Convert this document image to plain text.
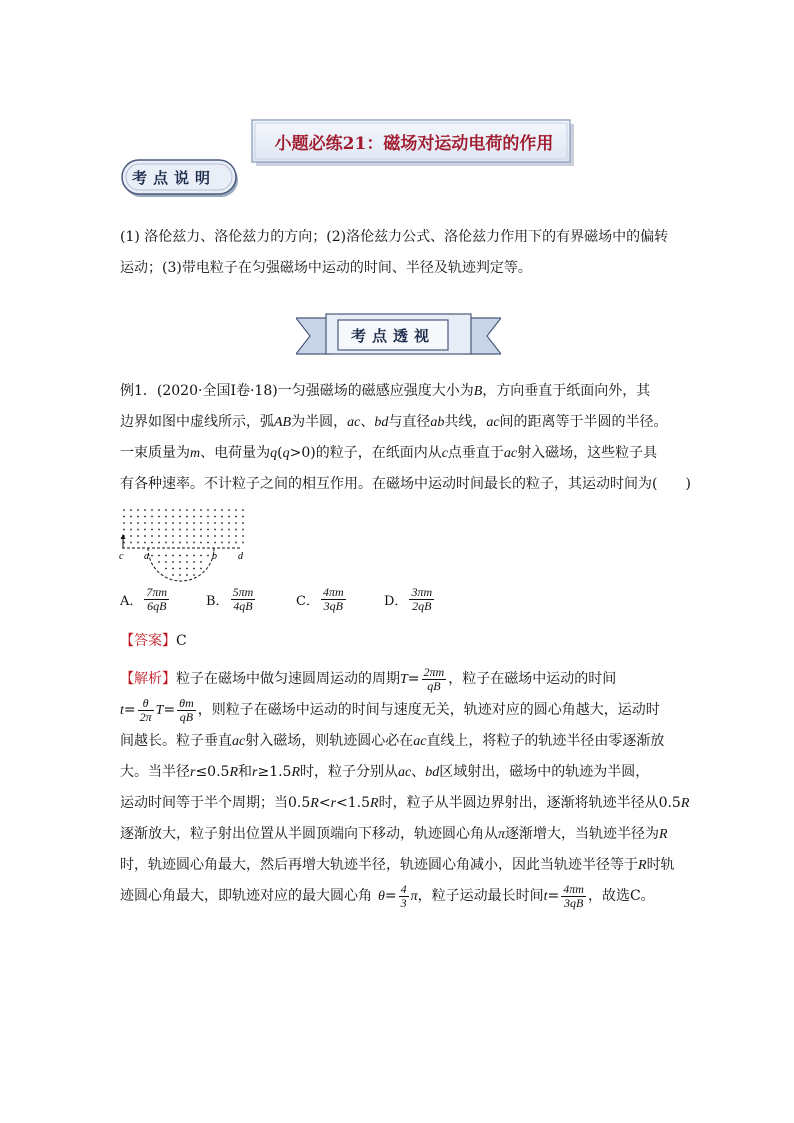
小题必练21：磁场对运动电荷的作用
考点说明
(1) 洛伦兹力、洛伦兹力的方向；(2)洛伦兹力公式、洛伦兹力作用下的有界磁场中的偏转
运动；(3)带电粒子在匀强磁场中运动的时间、半径及轨迹判定等。
考点透视
例1．(2020·全国Ⅰ卷·18)一匀强磁场的磁感应强度大小为B，方向垂直于纸面向外，其
边界如图中虚线所示，弧AB为半圆，ac、bd与直径ab共线，ac间的距离等于半圆的半径。
一束质量为m、电荷量为q(q>0)的粒子，在纸面内从c点垂直于ac射入磁场，这些粒子具
有各种速率。不计粒子之间的相互作用。在磁场中运动时间最长的粒子，其运动时间为(　　)
c a	b d
A． $\frac{7\pi m}{6qB}$	B． $\frac{5\pi m}{4qB}$	C． $\frac{4\pi m}{3qB}$	D． $\frac{3\pi m}{2qB}$
【答案】C
【解析】粒子在磁场中做匀速圆周运动的周期$T= \frac{2\pi m}{qB}$ ，粒子在磁场中运动的时间
$t= \frac{\theta}{2\pi} T= \frac{\theta m}{qB}$ ，则粒子在磁场中运动的时间与速度无关，轨迹对应的圆心角越大，运动时
间越长。粒子垂直ac射入磁场，则轨迹圆心必在ac直线上，将粒子的轨迹半径由零逐渐放
大。当半径r≤0.5R和r≥1.5R时，粒子分别从ac、bd区域射出，磁场中的轨迹为半圆，
运动时间等于半个周期；当0.5R<r<1.5R时，粒子从半圆边界射出，逐渐将轨迹半径从0.5R
逐渐放大，粒子射出位置从半圆顶端向下移动，轨迹圆心角从π逐渐增大，当轨迹半径为R
时，轨迹圆心角最大，然后再增大轨迹半径，轨迹圆心角减小，因此当轨迹半径等于R时轨
迹圆心角最大，即轨迹对应的最大圆心角 $\theta= \frac{4}{3}$ π，粒子运动最长时间$t= \frac{4\pi m}{3qB}$ ，故选C。
